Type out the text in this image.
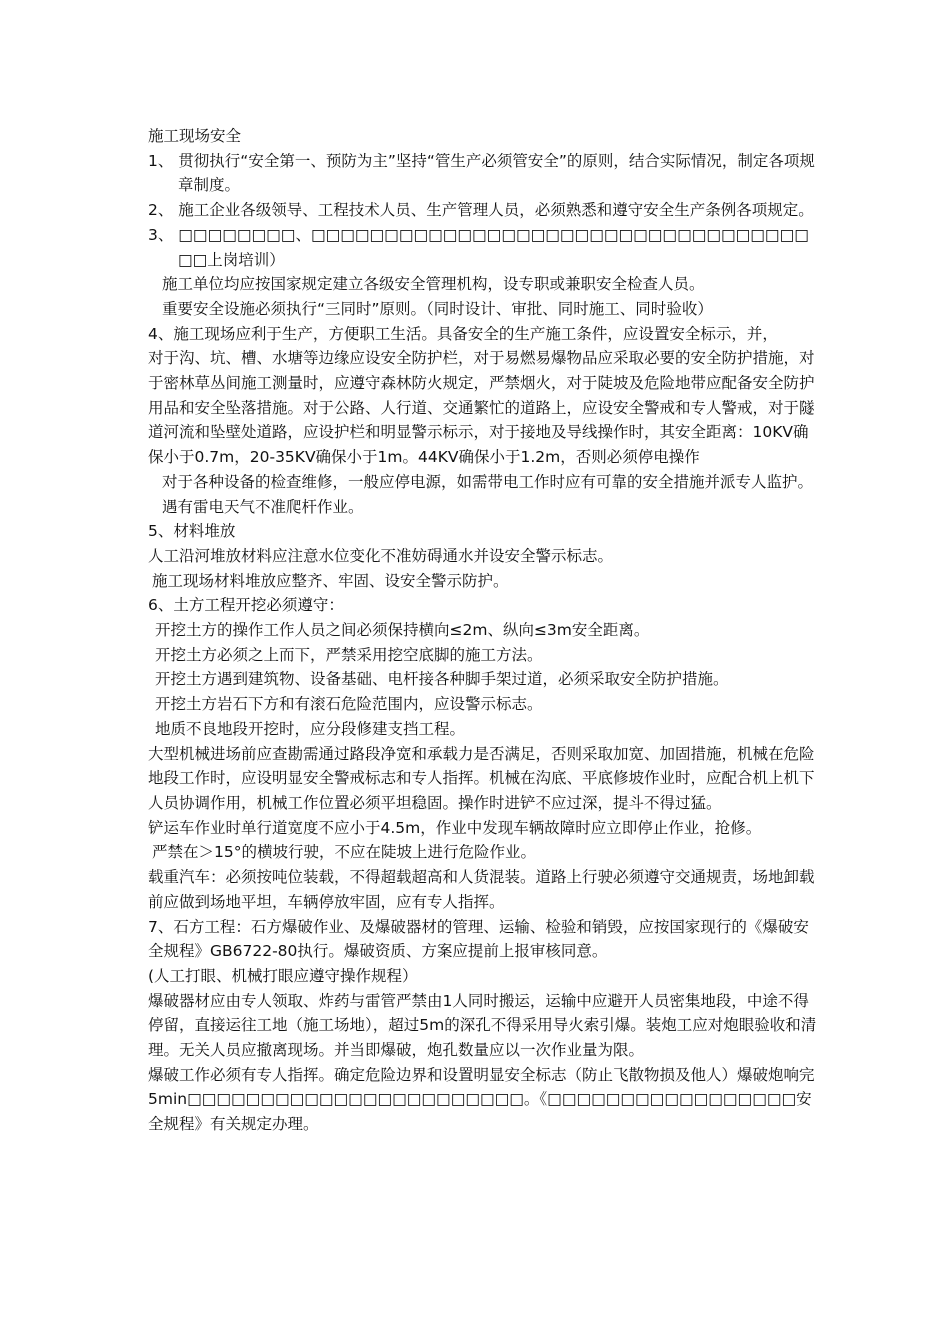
施工现场安全

1、 贯彻执行“安全第一、预防为主”坚持“管生产必须管安全”的原则，结合实际情况，制定各项规章制度。

2、 施工企业各级领导、工程技术人员、生产管理人员，必须熟悉和遵守安全生产条例各项规定。

3、 □□□□□□□□、□□□□□□□□□□□□□□□□□□□□□□□□□□□□□□□□□□□□上岗培训）

施工单位均应按国家规定建立各级安全管理机构，设专职或兼职安全检查人员。

重要安全设施必须执行“三同时”原则。（同时设计、审批、同时施工、同时验收）

4、施工现场应利于生产，方便职工生活。具备安全的生产施工条件，应设置安全标示，并，

对于沟、坑、槽、水塘等边缘应设安全防护栏，对于易燃易爆物品应采取必要的安全防护措施，对于密林草丛间施工测量时，应遵守森林防火规定，严禁烟火，对于陡坡及危险地带应配备安全防护用品和安全坠落措施。对于公路、人行道、交通繁忙的道路上，应设安全警戒和专人警戒，对于隧道河流和坠壁处道路，应设护栏和明显警示标示，对于接地及导线操作时，其安全距离：10KV确保小于0.7m，20-35KV确保小于1m。44KV确保小于1.2m，否则必须停电操作

对于各种设备的检查维修，一般应停电源，如需带电工作时应有可靠的安全措施并派专人监护。遇有雷电天气不准爬杆作业。

5、材料堆放

人工沿河堆放材料应注意水位变化不准妨碍通水并设安全警示标志。

施工现场材料堆放应整齐、牢固、设安全警示防护。

6、土方工程开挖必须遵守：

开挖土方的操作工作人员之间必须保持横向≤2m、纵向≤3m安全距离。

开挖土方必须之上而下，严禁采用挖空底脚的施工方法。

开挖土方遇到建筑物、设备基础、电杆接各种脚手架过道，必须采取安全防护措施。

开挖土方岩石下方和有滚石危险范围内，应设警示标志。

地质不良地段开挖时，应分段修建支挡工程。

大型机械进场前应查勘需通过路段净宽和承载力是否满足，否则采取加宽、加固措施，机械在危险地段工作时，应设明显安全警戒标志和专人指挥。机械在沟底、平底修坡作业时，应配合机上机下人员协调作用，机械工作位置必须平坦稳固。操作时进铲不应过深，提斗不得过猛。

铲运车作业时单行道宽度不应小于4.5m，作业中发现车辆故障时应立即停止作业，抢修。

严禁在＞15°的横坡行驶，不应在陡坡上进行危险作业。

载重汽车：必须按吨位装载，不得超载超高和人货混装。道路上行驶必须遵守交通规责，场地卸载前应做到场地平坦，车辆停放牢固，应有专人指挥。

7、石方工程：石方爆破作业、及爆破器材的管理、运输、检验和销毁，应按国家现行的《爆破安全规程》GB6722-80执行。爆破资质、方案应提前上报审核同意。

(人工打眼、机械打眼应遵守操作规程）

爆破器材应由专人领取、炸药与雷管严禁由1人同时搬运，运输中应避开人员密集地段，中途不得停留，直接运往工地（施工场地），超过5m的深孔不得采用导火索引爆。装炮工应对炮眼验收和清理。无关人员应撤离现场。并当即爆破，炮孔数量应以一次作业量为限。

爆破工作必须有专人指挥。确定危险边界和设置明显安全标志（防止飞散物损及他人）爆破炮响完5min□□□□□□□□□□□□□□□□□□□□□□□。《□□□□□□□□□□□□□□□□□安全规程》有关规定办理。
